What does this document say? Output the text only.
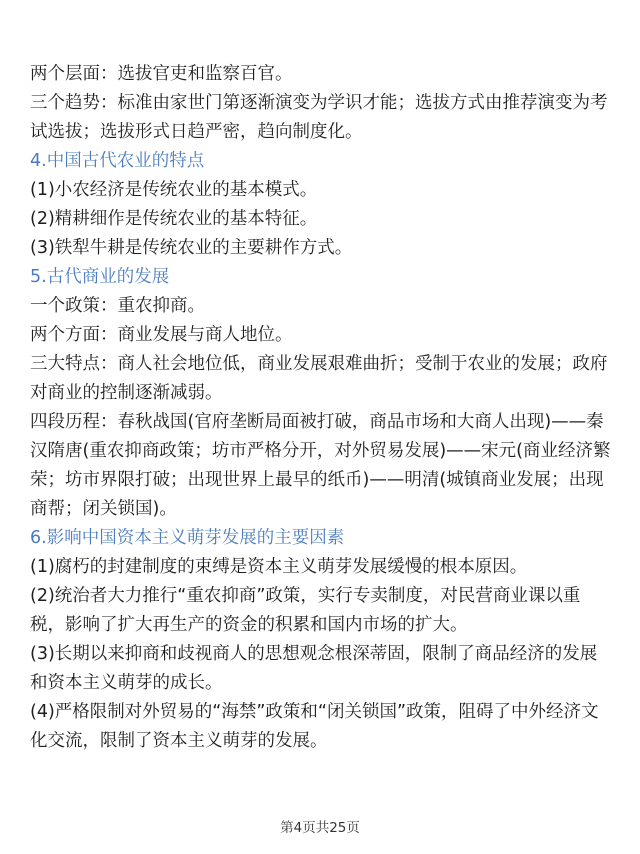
两个层面：选拔官吏和监察百官。

三个趋势：标准由家世门第逐渐演变为学识才能；选拔方式由推荐演变为考试选拔；选拔形式日趋严密，趋向制度化。

4.中国古代农业的特点

(1)小农经济是传统农业的基本模式。

(2)精耕细作是传统农业的基本特征。

(3)铁犁牛耕是传统农业的主要耕作方式。

5.古代商业的发展

一个政策：重农抑商。

两个方面：商业发展与商人地位。

三大特点：商人社会地位低，商业发展艰难曲折；受制于农业的发展；政府对商业的控制逐渐减弱。

四段历程：春秋战国(官府垄断局面被打破，商品市场和大商人出现)——秦汉隋唐(重农抑商政策；坊市严格分开，对外贸易发展)——宋元(商业经济繁荣；坊市界限打破；出现世界上最早的纸币)——明清(城镇商业发展；出现商帮；闭关锁国)。

6.影响中国资本主义萌芽发展的主要因素

(1)腐朽的封建制度的束缚是资本主义萌芽发展缓慢的根本原因。

(2)统治者大力推行“重农抑商”政策，实行专卖制度，对民营商业课以重税，影响了扩大再生产的资金的积累和国内市场的扩大。

(3)长期以来抑商和歧视商人的思想观念根深蒂固，限制了商品经济的发展和资本主义萌芽的成长。

(4)严格限制对外贸易的“海禁”政策和“闭关锁国”政策，阻碍了中外经济文化交流，限制了资本主义萌芽的发展。

第4页共25页
